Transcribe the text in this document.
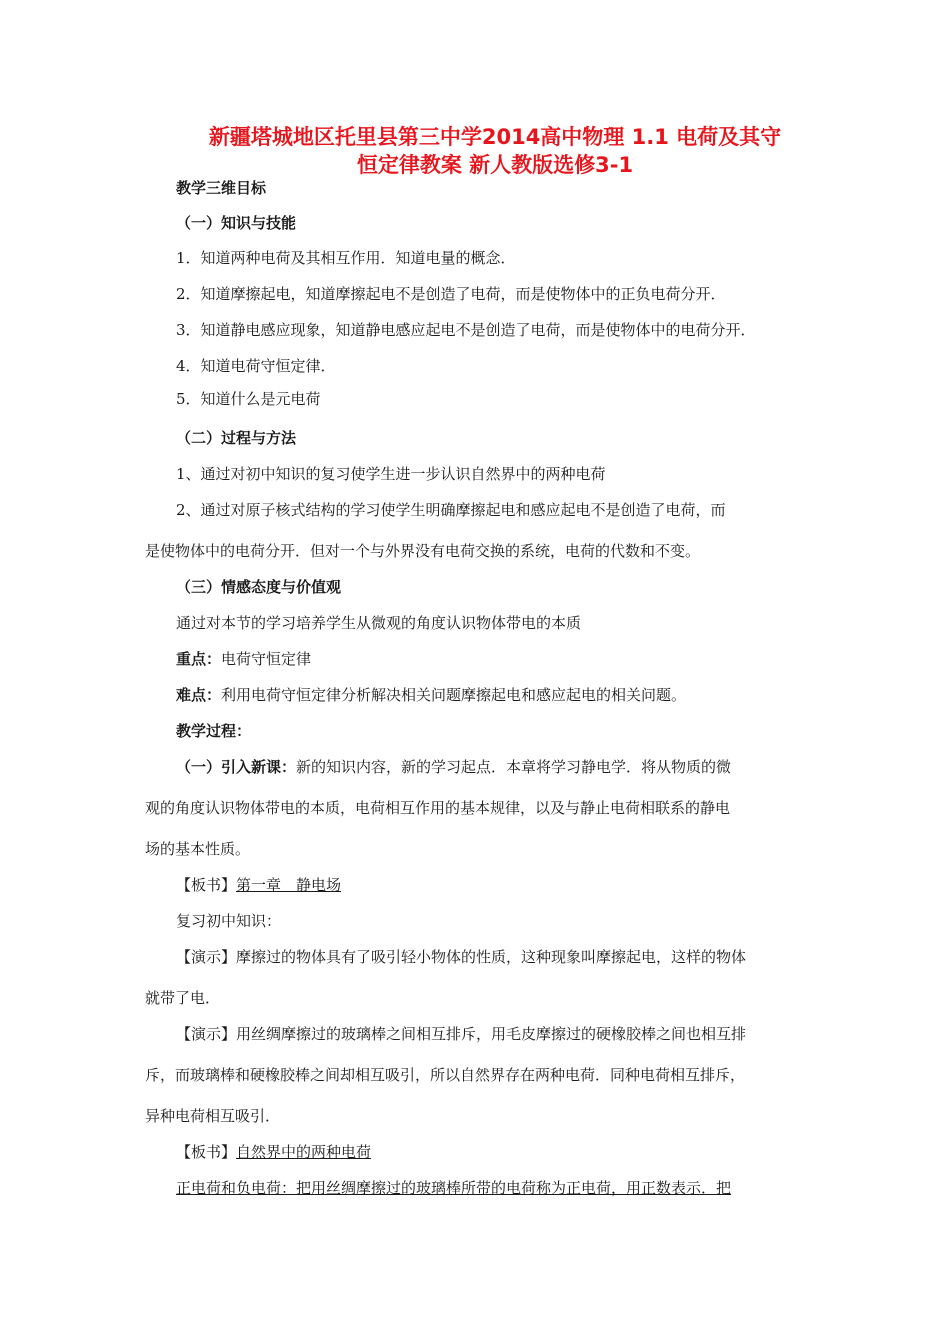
新疆塔城地区托里县第三中学2014高中物理 1.1 电荷及其守
恒定律教案 新人教版选修3-1
教学三维目标
（一）知识与技能
1．知道两种电荷及其相互作用．知道电量的概念．
2．知道摩擦起电，知道摩擦起电不是创造了电荷，而是使物体中的正负电荷分开．
3．知道静电感应现象，知道静电感应起电不是创造了电荷，而是使物体中的电荷分开．
4．知道电荷守恒定律．
5．知道什么是元电荷
（二）过程与方法
1、通过对初中知识的复习使学生进一步认识自然界中的两种电荷
2、通过对原子核式结构的学习使学生明确摩擦起电和感应起电不是创造了电荷，而
是使物体中的电荷分开．但对一个与外界没有电荷交换的系统，电荷的代数和不变。
（三）情感态度与价值观
通过对本节的学习培养学生从微观的角度认识物体带电的本质
重点：电荷守恒定律
难点：利用电荷守恒定律分析解决相关问题摩擦起电和感应起电的相关问题。
教学过程：
（一）引入新课：新的知识内容，新的学习起点．本章将学习静电学．将从物质的微
观的角度认识物体带电的本质，电荷相互作用的基本规律，以及与静止电荷相联系的静电
场的基本性质。
【板书】第一章　静电场
复习初中知识：
【演示】摩擦过的物体具有了吸引轻小物体的性质，这种现象叫摩擦起电，这样的物体
就带了电．
【演示】用丝绸摩擦过的玻璃棒之间相互排斥，用毛皮摩擦过的硬橡胶棒之间也相互排
斥，而玻璃棒和硬橡胶棒之间却相互吸引，所以自然界存在两种电荷．同种电荷相互排斥，
异种电荷相互吸引．
【板书】自然界中的两种电荷
正电荷和负电荷：把用丝绸摩擦过的玻璃棒所带的电荷称为正电荷，用正数表示．把
